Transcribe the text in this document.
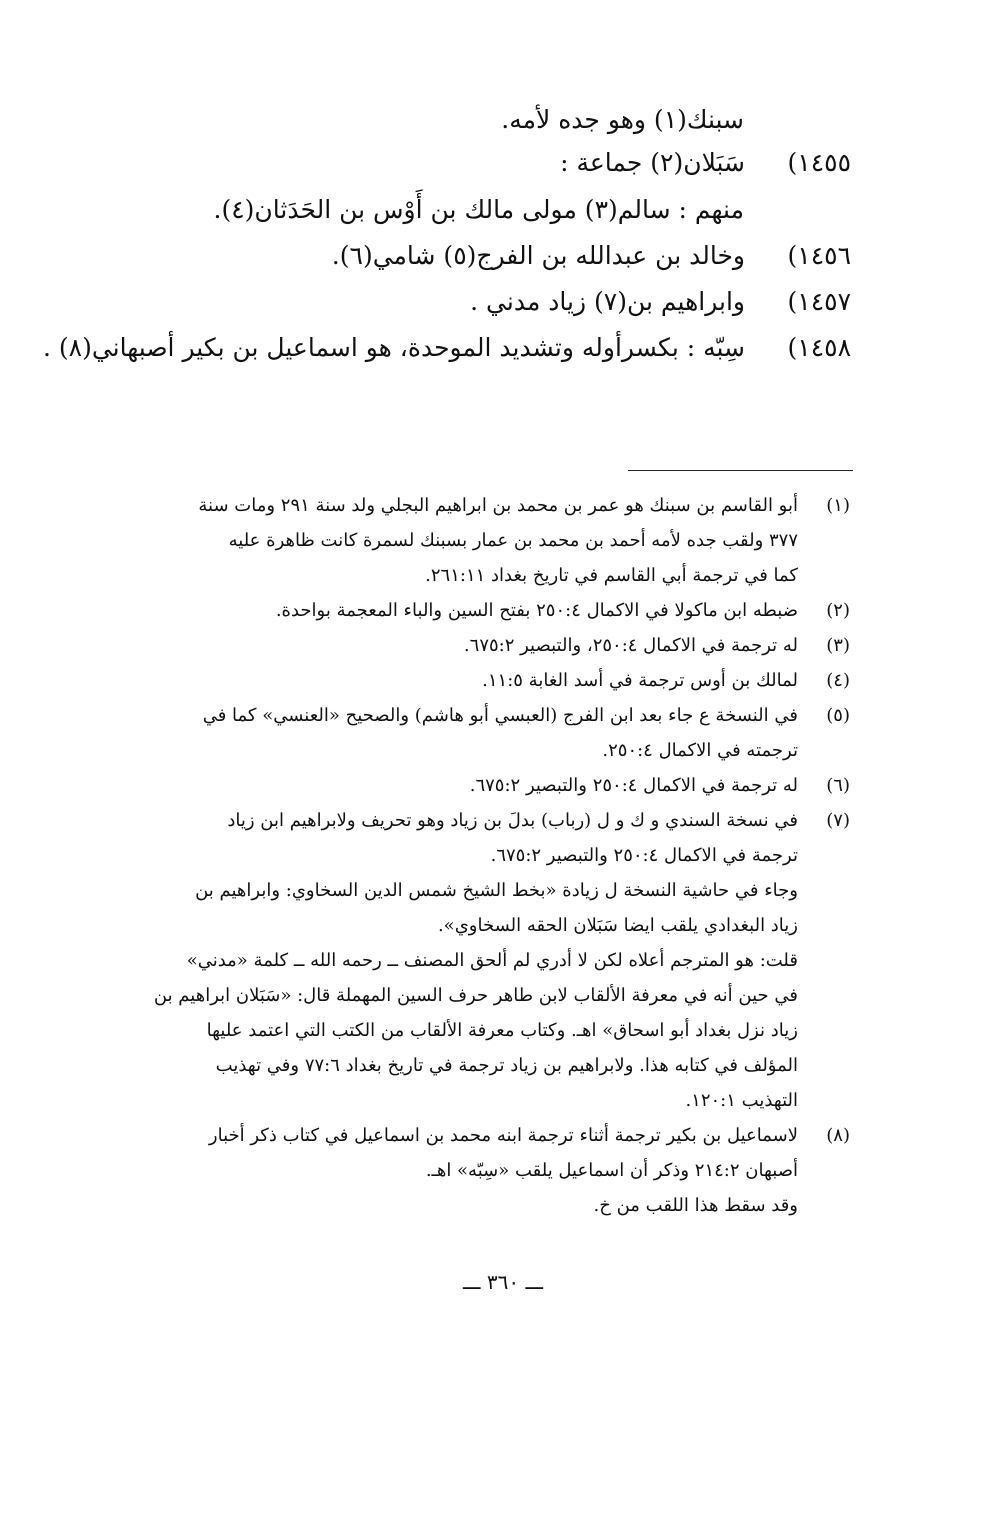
سبنك(١) وهو جده لأمه.
١٤٥٥)سَبَلان(٢) جماعة :
منهم : سالم(٣) مولى مالك بن أَوْس بن الحَدَثان(٤).
١٤٥٦)وخالد بن عبدالله بن الفرج(٥) شامي(٦).
١٤٥٧)وابراهيم بن(٧) زياد مدني .
١٤٥٨)سِبّه : بكسرأوله وتشديد الموحدة، هو اسماعيل بن بكير أصبهاني(٨) .
(١)
أبو القاسم بن سبنك هو عمر بن محمد بن ابراهيم البجلي ولد سنة ٢٩١ ومات سنة
٣٧٧ ولقب جده لأمه أحمد بن محمد بن عمار بسبنك لسمرة كانت ظاهرة عليه
كما في ترجمة أبي القاسم في تاريخ بغداد ٢٦١:١١.
(٢)
ضبطه ابن ماكولا في الاكمال ٢٥٠:٤ بفتح السين والباء المعجمة بواحدة.
(٣)
له ترجمة في الاكمال ٢٥٠:٤، والتبصير ٦٧٥:٢.
(٤)
لمالك بن أوس ترجمة في أسد الغابة ١١:٥.
(٥)
في النسخة ع جاء بعد ابن الفرج (العبسي أبو هاشم) والصحيح «العنسي» كما في
ترجمته في الاكمال ٢٥٠:٤.
(٦)
له ترجمة في الاكمال ٢٥٠:٤ والتبصير ٦٧٥:٢.
(٧)
في نسخة السندي و ك و ل (رباب) بدلَ بن زياد وهو تحريف ولابراهيم ابن زياد
ترجمة في الاكمال ٢٥٠:٤ والتبصير ٦٧٥:٢.
وجاء في حاشية النسخة ل زيادة «بخط الشيخ شمس الدين السخاوي: وابراهيم بن
زياد البغدادي يلقب ايضا سَبَلان الحقه السخاوي».
قلت: هو المترجم أعلاه لكن لا أدري لم ألحق المصنف ــ رحمه الله ــ كلمة «مدني»
في حين أنه في معرفة الألقاب لابن طاهر حرف السين المهملة قال: «سَبَلان ابراهيم بن
زياد نزل بغداد أبو اسحاق» اهـ. وكتاب معرفة الألقاب من الكتب التي اعتمد عليها
المؤلف في كتابه هذا. ولابراهيم بن زياد ترجمة في تاريخ بغداد ٧٧:٦ وفي تهذيب
التهذيب ١٢٠:١.
(٨)
لاسماعيل بن بكير ترجمة أثناء ترجمة ابنه محمد بن اسماعيل في كتاب ذكر أخبار
أصبهان ٢١٤:٢ وذكر أن اسماعيل يلقب «سِبّه» اهـ.
وقد سقط هذا اللقب من خ.
ـــ ٣٦٠ ـــ
